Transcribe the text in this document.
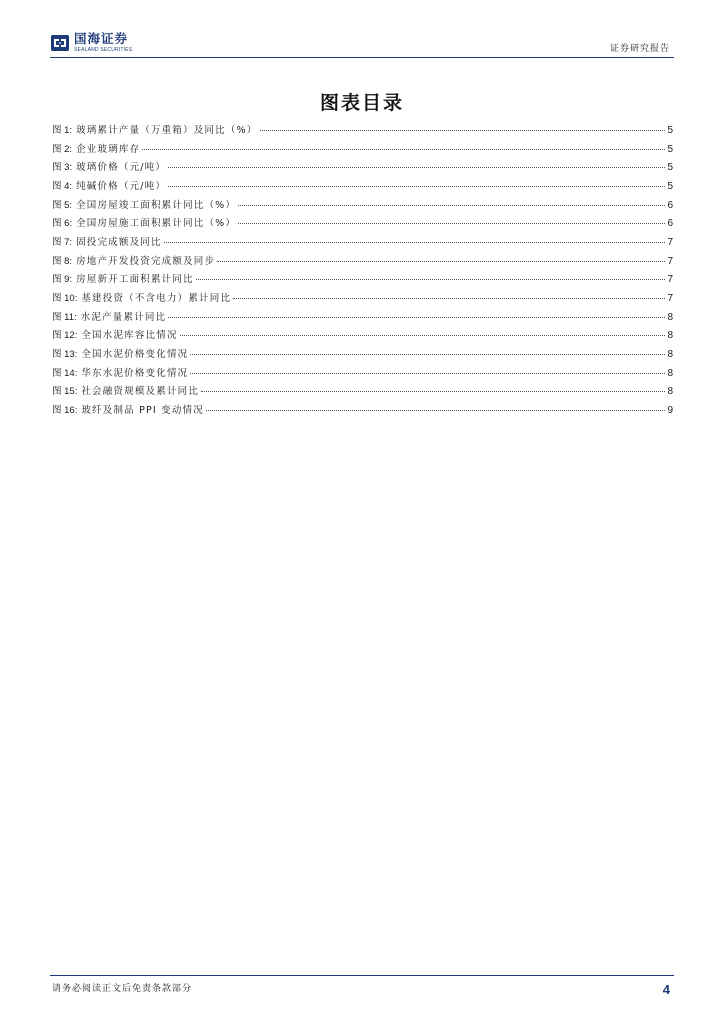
国海证券
SEALAND SECURITIES	证券研究报告
图表目录
图 1: 玻璃累计产量（万重箱）及同比（%）	5
图 2: 企业玻璃库存	5
图 3: 玻璃价格（元/吨）	5
图 4: 纯碱价格（元/吨）	5
图 5: 全国房屋竣工面积累计同比（%）	6
图 6: 全国房屋施工面积累计同比（%）	6
图 7: 固投完成额及同比	7
图 8: 房地产开发投资完成额及同步	7
图 9: 房屋新开工面积累计同比	7
图 10: 基建投资（不含电力）累计同比	7
图 11: 水泥产量累计同比	8
图 12: 全国水泥库容比情况	8
图 13: 全国水泥价格变化情况	8
图 14: 华东水泥价格变化情况	8
图 15: 社会融资规模及累计同比	8
图 16: 玻纤及制品 PPI 变动情况	9
请务必阅读正文后免责条款部分	4
